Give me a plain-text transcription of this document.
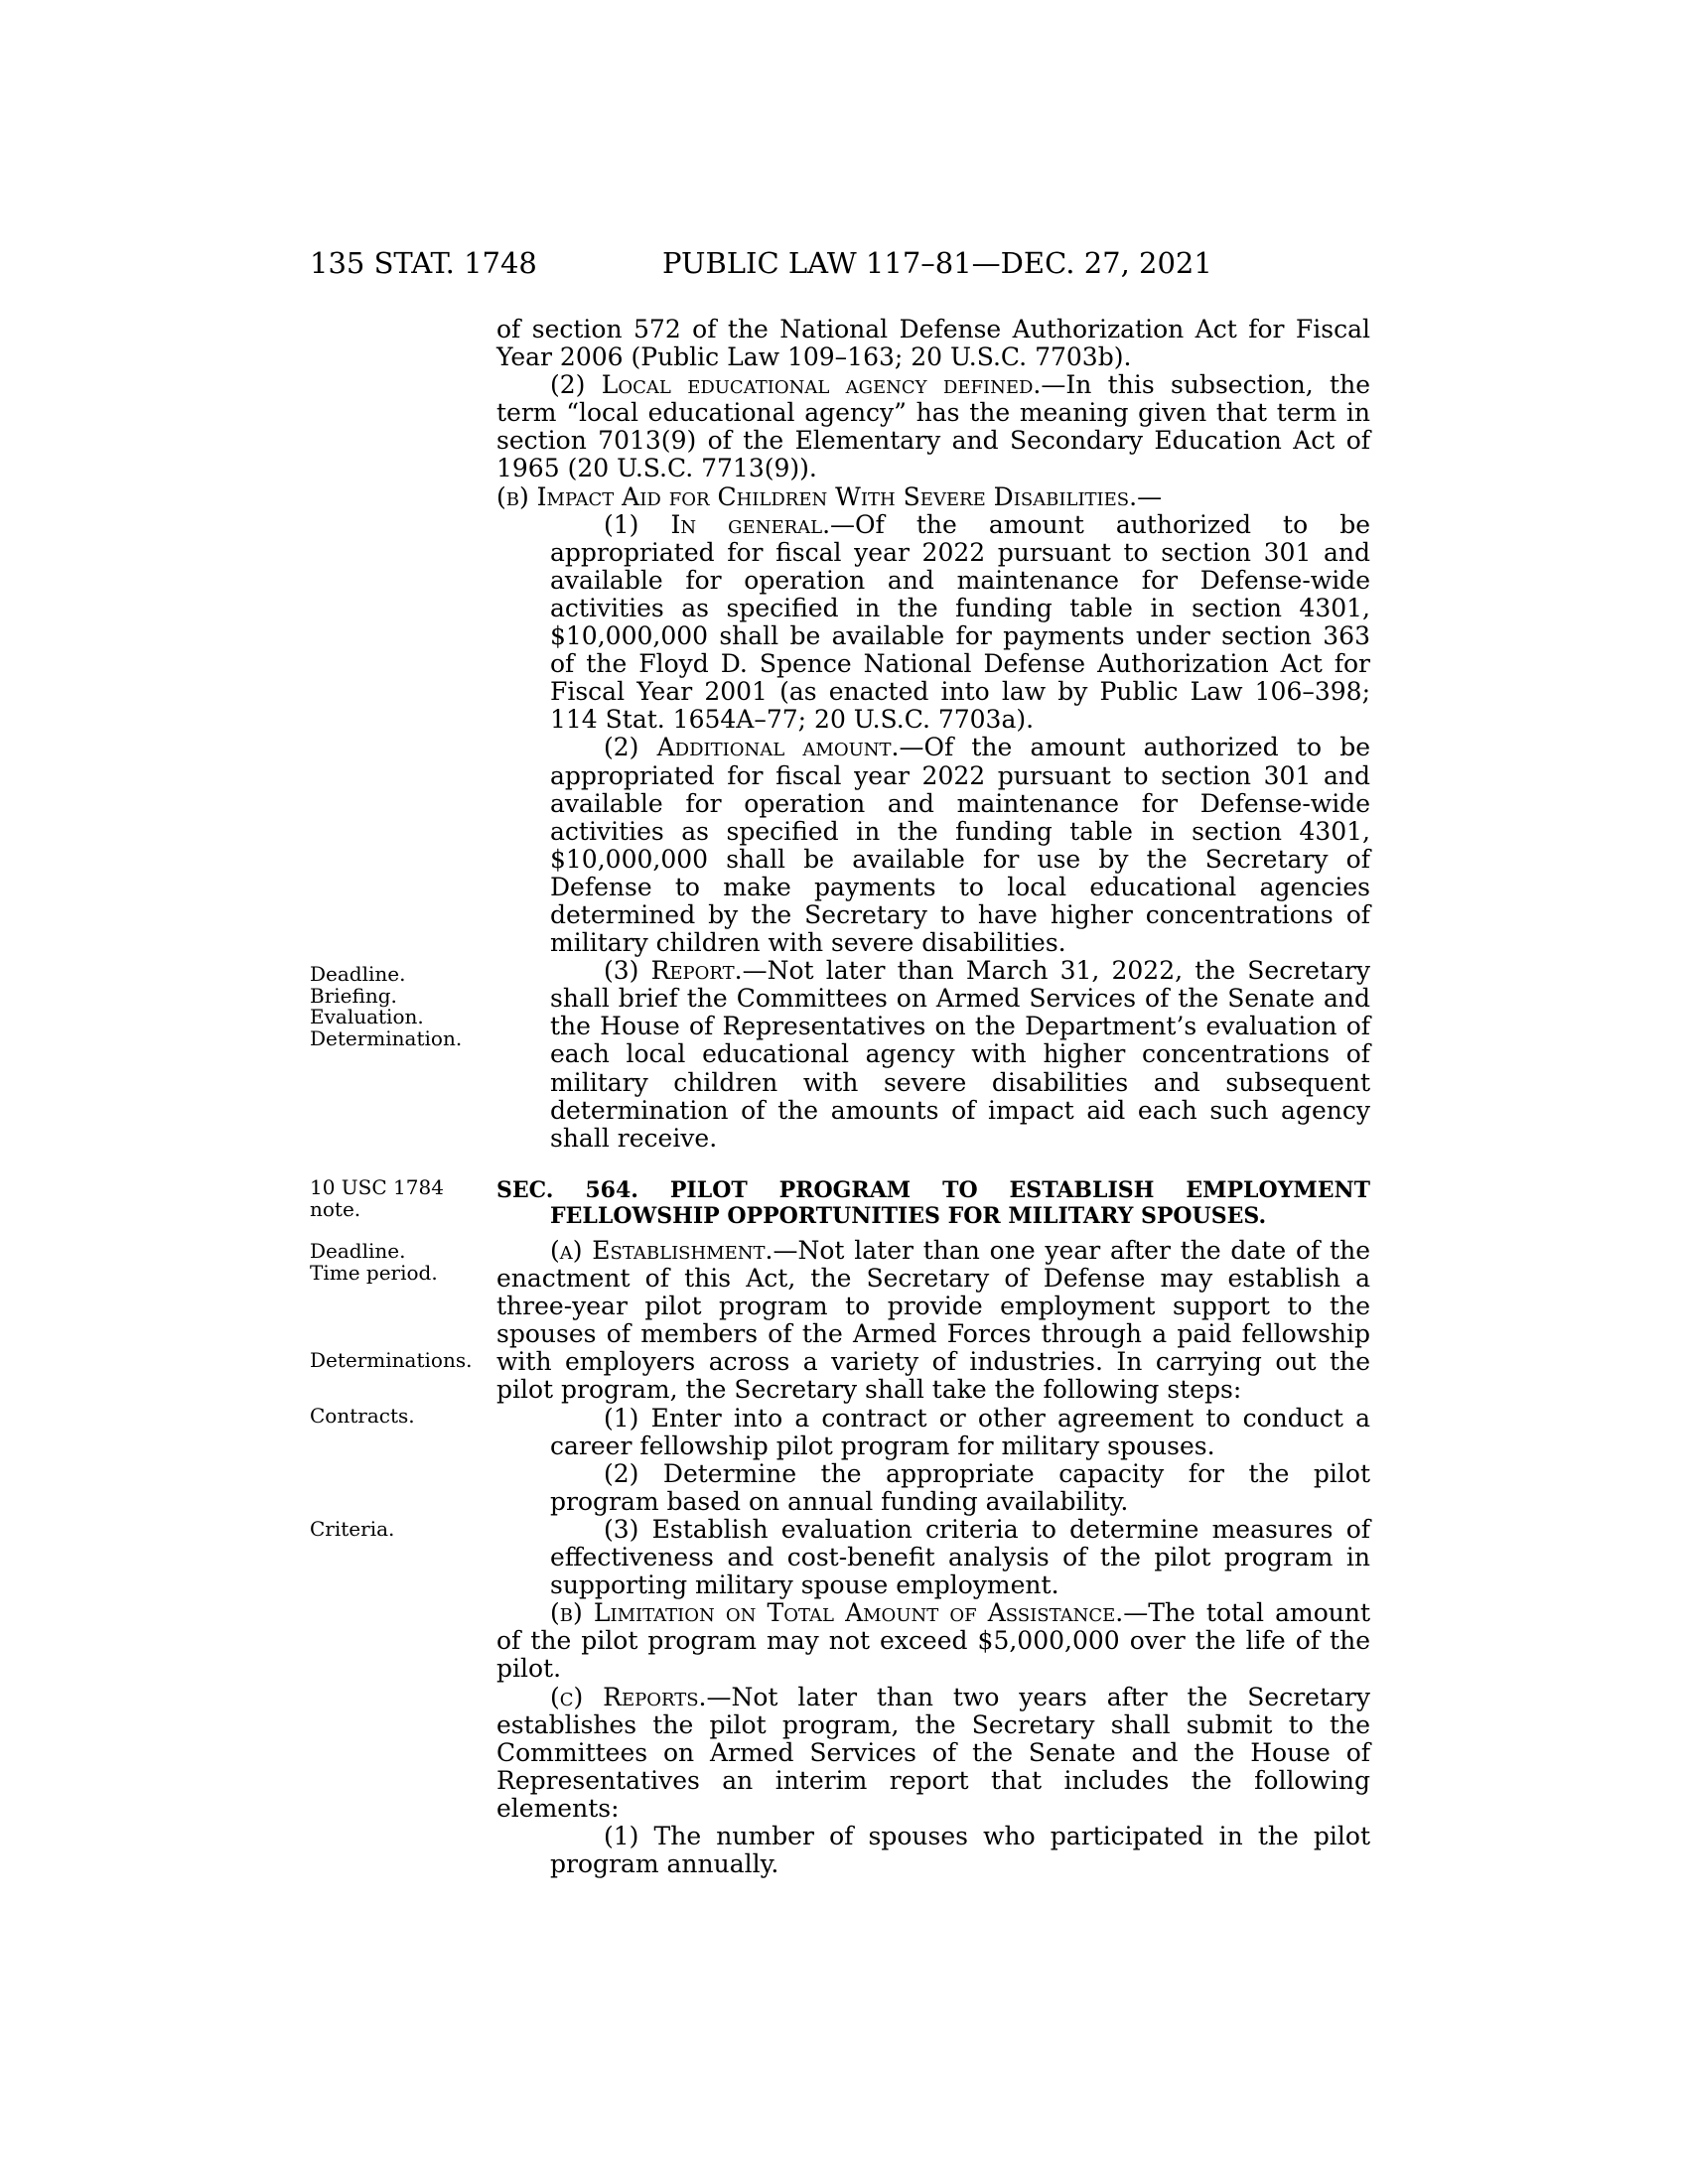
135 STAT. 1748	PUBLIC LAW 117–81—DEC. 27, 2021

of section 572 of the National Defense Authorization Act for Fiscal Year 2006 (Public Law 109–163; 20 U.S.C. 7703b).

(2) Local educational agency defined.—In this subsection, the term “local educational agency” has the meaning given that term in section 7013(9) of the Elementary and Secondary Education Act of 1965 (20 U.S.C. 7713(9)).

(b) Impact Aid for Children With Severe Disabilities.—

(1) In general.—Of the amount authorized to be appropriated for fiscal year 2022 pursuant to section 301 and available for operation and maintenance for Defense-wide activities as specified in the funding table in section 4301, $10,000,000 shall be available for payments under section 363 of the Floyd D. Spence National Defense Authorization Act for Fiscal Year 2001 (as enacted into law by Public Law 106–398; 114 Stat. 1654A–77; 20 U.S.C. 7703a).

(2) Additional amount.—Of the amount authorized to be appropriated for fiscal year 2022 pursuant to section 301 and available for operation and maintenance for Defense-wide activities as specified in the funding table in section 4301, $10,000,000 shall be available for use by the Secretary of Defense to make payments to local educational agencies determined by the Secretary to have higher concentrations of military children with severe disabilities.

(3) Report.—Not later than March 31, 2022, the Secretary shall brief the Committees on Armed Services of the Senate and the House of Representatives on the Department’s evaluation of each local educational agency with higher concentrations of military children with severe disabilities and subsequent determination of the amounts of impact aid each such agency shall receive.

SEC. 564. PILOT PROGRAM TO ESTABLISH EMPLOYMENT FELLOWSHIP OPPORTUNITIES FOR MILITARY SPOUSES.

(a) Establishment.—Not later than one year after the date of the enactment of this Act, the Secretary of Defense may establish a three-year pilot program to provide employment support to the spouses of members of the Armed Forces through a paid fellowship with employers across a variety of industries. In carrying out the pilot program, the Secretary shall take the following steps:

(1) Enter into a contract or other agreement to conduct a career fellowship pilot program for military spouses.

(2) Determine the appropriate capacity for the pilot program based on annual funding availability.

(3) Establish evaluation criteria to determine measures of effectiveness and cost-benefit analysis of the pilot program in supporting military spouse employment.

(b) Limitation on Total Amount of Assistance.—The total amount of the pilot program may not exceed $5,000,000 over the life of the pilot.

(c) Reports.—Not later than two years after the Secretary establishes the pilot program, the Secretary shall submit to the Committees on Armed Services of the Senate and the House of Representatives an interim report that includes the following elements:

(1) The number of spouses who participated in the pilot program annually.

Deadline.
Briefing.
Evaluation.
Determination.
10 USC 1784
note.
Deadline.
Time period.
Determinations.
Contracts.
Criteria.
